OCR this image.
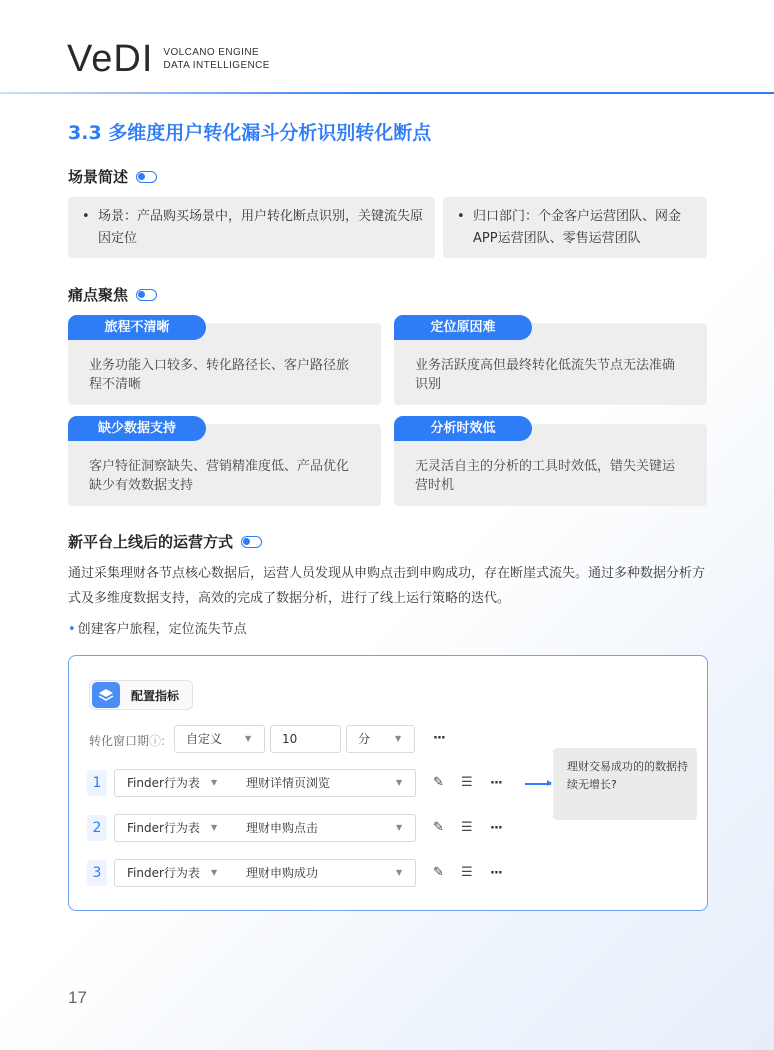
VeDI VOLCANO ENGINE
DATA INTELLIGENCE
3.3 多维度用户转化漏斗分析识别转化断点
场景简述
• 场景：产品购买场景中，用户转化断点识别，关键流失原因定位
• 归口部门：个金客户运营团队、网金APP运营团队、零售运营团队
痛点聚焦
旅程不清晰
业务功能入口较多、转化路径长、客户路径旅程不清晰
定位原因难
业务活跃度高但最终转化低流失节点无法准确识别
缺少数据支持
客户特征洞察缺失、营销精准度低、产品优化缺少有效数据支持
分析时效低
无灵活自主的分析的工具时效低，错失关键运营时机
新平台上线后的运营方式
通过采集理财各节点核心数据后，运营人员发现从申购点击到申购成功，存在断崖式流失。通过多种数据分析方式及多维度数据支持，高效的完成了数据分析，进行了线上运行策略的迭代。
• 创建客户旅程，定位流失节点
配置指标
转化窗口期ⓘ:	自定义	▼	10	分	▼ ···
1	Finder行为表 ▼ 理财详情页浏览	▼ ✎ ☰ ···
2	Finder行为表 ▼ 理财申购点击	▼ ✎ ☰ ···
3	Finder行为表 ▼ 理财申购成功	▼ ✎ ☰ ···
理财交易成功的的数据持续无增长?
17
